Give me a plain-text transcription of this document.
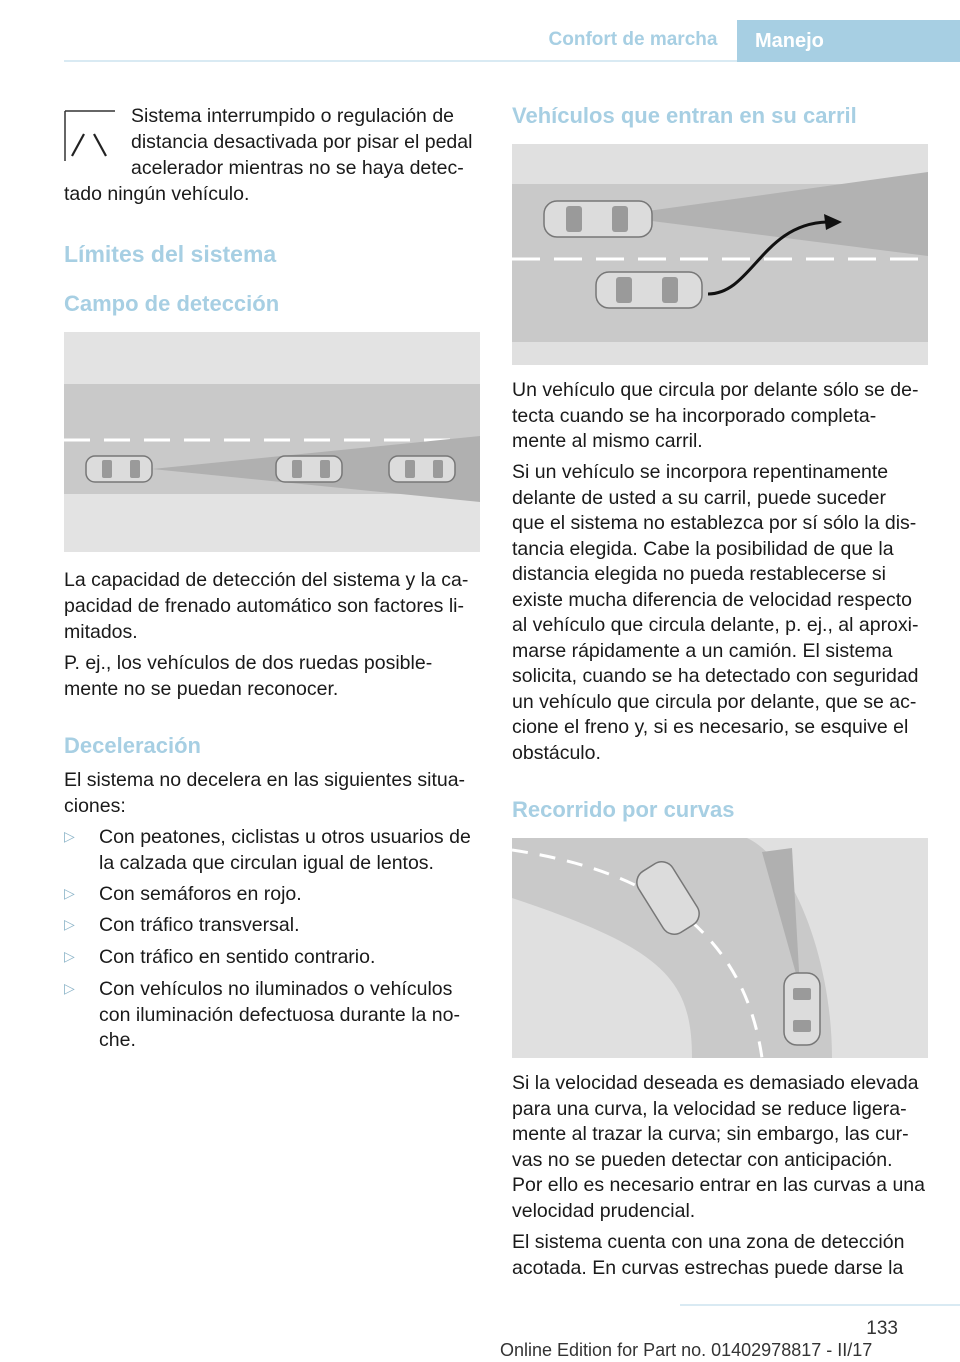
Confort de marcha	Manejo

Sistema interrumpido o regulación de

distancia desactivada por pisar el pedal

acelerador mientras no se haya detec-

tado ningún vehículo.

Límites del sistema
Campo de detección

La capacidad de detección del sistema y la ca-

pacidad de frenado automático son factores li-

mitados.

P. ej., los vehículos de dos ruedas posible-

mente no se puedan reconocer.

Deceleración

El sistema no decelera en las siguientes situa-

ciones:

▷ Con peatones, ciclistas u otros usuarios de

la calzada que circulan igual de lentos.

▷ Con semáforos en rojo.

▷ Con tráfico transversal.

▷ Con tráfico en sentido contrario.

▷ Con vehículos no iluminados o vehículos

con iluminación defectuosa durante la no-

che.

Vehículos que entran en su carril

Un vehículo que circula por delante sólo se de-

tecta cuando se ha incorporado completa-

mente al mismo carril.

Si un vehículo se incorpora repentinamente

delante de usted a su carril, puede suceder

que el sistema no establezca por sí sólo la dis-

tancia elegida. Cabe la posibilidad de que la

distancia elegida no pueda restablecerse si

existe mucha diferencia de velocidad respecto

al vehículo que circula delante, p. ej., al aproxi-

marse rápidamente a un camión. El sistema

solicita, cuando se ha detectado con seguridad

un vehículo que circula por delante, que se ac-

cione el freno y, si es necesario, se esquive el

obstáculo.

Recorrido por curvas

Si la velocidad deseada es demasiado elevada

para una curva, la velocidad se reduce ligera-

mente al trazar la curva; sin embargo, las cur-

vas no se pueden detectar con anticipación.

Por ello es necesario entrar en las curvas a una

velocidad prudencial.

El sistema cuenta con una zona de detección

acotada. En curvas estrechas puede darse la

133
Online Edition for Part no. 01402978817 - II/17
